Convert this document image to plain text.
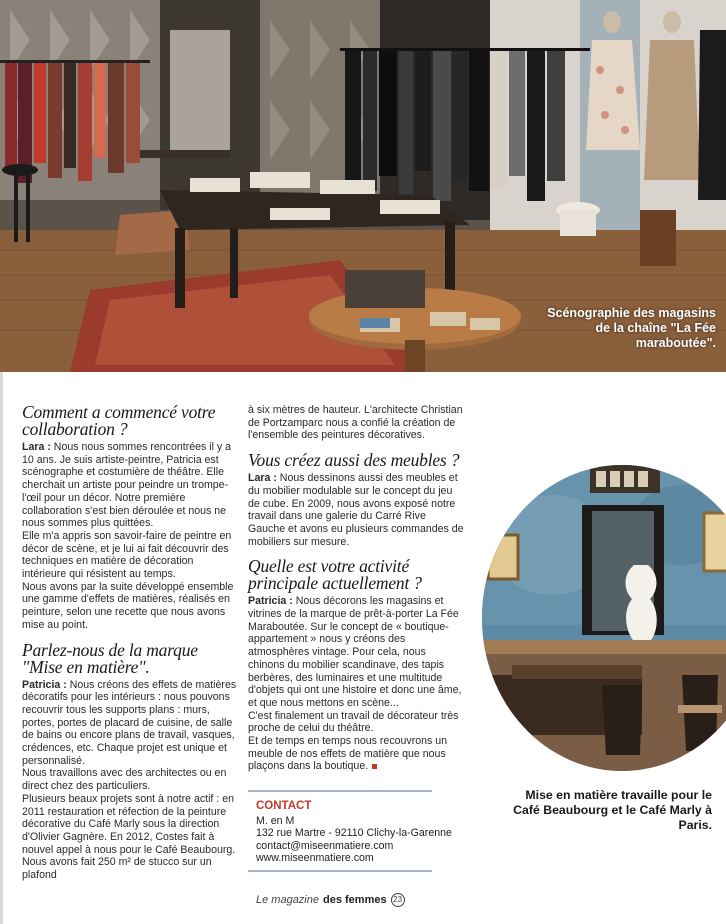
Scénographie des magasins de la chaîne "La Fée maraboutée".
Comment a commencé votre collaboration ?
Lara : Nous nous sommes rencontrées il y a 10 ans. Je suis artiste-peintre, Patricia est scénographe et costumière de théâtre. Elle cherchait un artiste pour peindre un trompe-l'œil pour un décor. Notre première collaboration s'est bien déroulée et nous ne nous sommes plus quittées.
Elle m'a appris son savoir-faire de peintre en décor de scène, et je lui ai fait découvrir des techniques en matière de décoration intérieure qui résistent au temps.
Nous avons par la suite développé ensemble une gamme d'effets de matières, réalisés en peinture, selon une recette que nous avons mise au point.
Parlez-nous de la marque "Mise en matière".
Patricia : Nous créons des effets de matières décoratifs pour les intérieurs : nous pouvons recouvrir tous les supports plans : murs, portes, portes de placard de cuisine, de salle de bains ou encore plans de travail, vasques, crédences, etc. Chaque projet est unique et personnalisé.
Nous travaillons avec des architectes ou en direct chez des particuliers.
Plusieurs beaux projets sont à notre actif : en 2011 restauration et réfection de la peinture décorative du Café Marly sous la direction d'Olivier Gagnère. En 2012, Costes fait à nouvel appel à nous pour le Café Beaubourg. Nous avons fait 250 m² de stucco sur un plafond
à six mètres de hauteur. L'architecte Christian de Portzamparc nous a confié la création de l'ensemble des peintures décoratives.
Vous créez aussi des meubles ?
Lara : Nous dessinons aussi des meubles et du mobilier modulable sur le concept du jeu de cube. En 2009, nous avons exposé notre travail dans une galerie du Carré Rive Gauche et avons eu plusieurs commandes de mobiliers sur mesure.
Quelle est votre activité principale actuellement ?
Patricia : Nous décorons les magasins et vitrines de la marque de prêt-à-porter La Fée Maraboutée. Sur le concept de « boutique-appartement » nous y créons des atmosphères vintage. Pour cela, nous chinons du mobilier scandinave, des tapis berbères, des luminaires et une multitude d'objets qui ont une histoire et donc une âme, et que nous mettons en scène...
C'est finalement un travail de décorateur très proche de celui du théâtre.
Et de temps en temps nous recouvrons un meuble de nos effets de matière que nous plaçons dans la boutique.
CONTACT
M. en M
132 rue Martre - 92110 Clichy-la-Garenne
contact@miseenmatiere.com
www.miseenmatiere.com
Mise en matière travaille pour le Café Beaubourg et le Café Marly à Paris.
Le magazine des femmes 23
